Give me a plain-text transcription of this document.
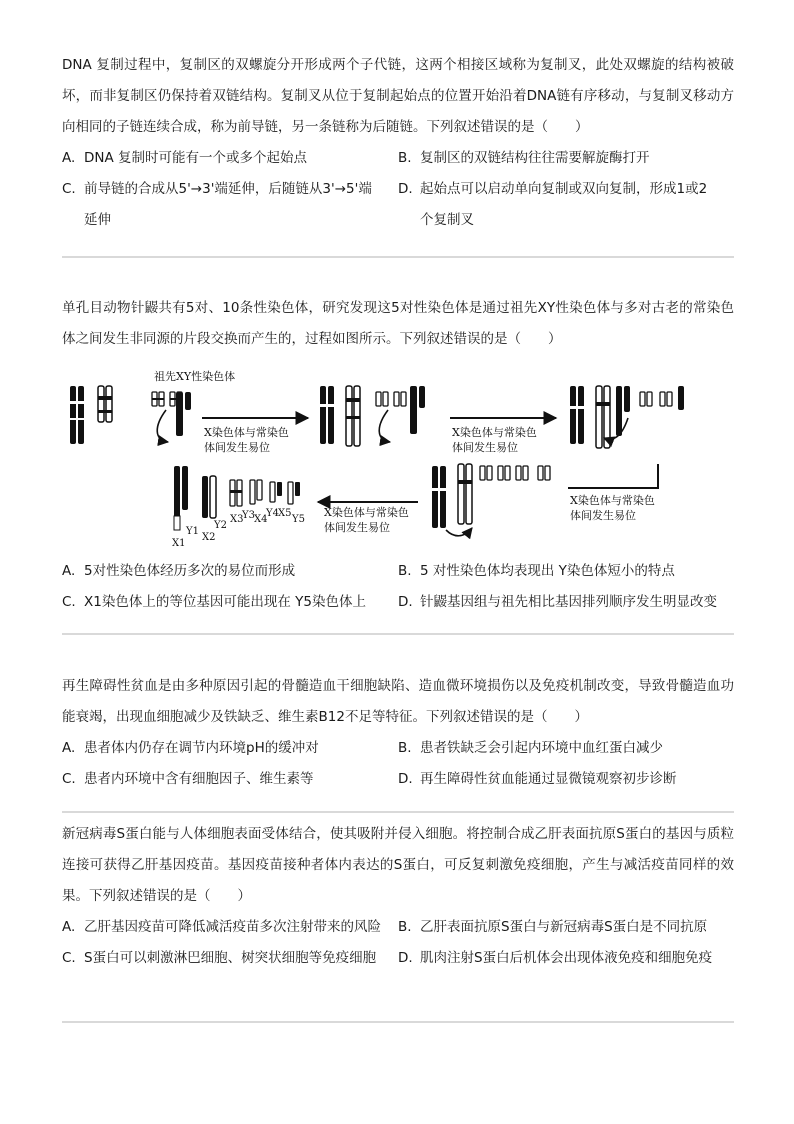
DNA 复制过程中，复制区的双螺旋分开形成两个子代链，这两个相接区域称为复制叉，此处双螺旋的结构被破坏，而非复制区仍保持着双链结构。复制叉从位于复制起始点的位置开始沿着DNA链有序移动，与复制叉移动方向相同的子链连续合成，称为前导链，另一条链称为后随链。下列叙述错误的是（　　）

A. DNA 复制时可能有一个或多个起始点	B. 复制区的双链结构往往需要解旋酶打开
C. 前导链的合成从5'→3'端延伸，后随链从3'→5'端延伸
D. 起始点可以启动单向复制或双向复制，形成1或2个复制叉

单孔目动物针鼹共有5对、10条性染色体，研究发现这5对性染色体是通过祖先XY性染色体与多对古老的常染色体之间发生非同源的片段交换而产生的，过程如图所示。下列叙述错误的是（　　）

祖先XY性染色体
X染色体与常染色
体间发生易位
X染色体与常染色
体间发生易位
X染色体与常染色
体间发生易位
X染色体与常染色
体间发生易位
X1
Y1
Y2
X2
X3
Y3 X4
Y4 X5
Y5
A. 5对性染色体经历多次的易位而形成	B. 5 对性染色体均表现出 Y染色体短小的特点
C. X1染色体上的等位基因可能出现在 Y5染色体上	D. 针鼹基因组与祖先相比基因排列顺序发生明显改变

再生障碍性贫血是由多种原因引起的骨髓造血干细胞缺陷、造血微环境损伤以及免疫机制改变，导致骨髓造血功能衰竭，出现血细胞减少及铁缺乏、维生素B12不足等特征。下列叙述错误的是（　　）

A. 患者体内仍存在调节内环境pH的缓冲对	B. 患者铁缺乏会引起内环境中血红蛋白减少
C. 患者内环境中含有细胞因子、维生素等	D. 再生障碍性贫血能通过显微镜观察初步诊断

新冠病毒S蛋白能与人体细胞表面受体结合，使其吸附并侵入细胞。将控制合成乙肝表面抗原S蛋白的基因与质粒连接可获得乙肝基因疫苗。基因疫苗接种者体内表达的S蛋白，可反复刺激免疫细胞，产生与减活疫苗同样的效果。下列叙述错误的是（　　）

A. 乙肝基因疫苗可降低减活疫苗多次注射带来的风险	B. 乙肝表面抗原S蛋白与新冠病毒S蛋白是不同抗原
C. S蛋白可以刺激淋巴细胞、树突状细胞等免疫细胞	D. 肌肉注射S蛋白后机体会出现体液免疫和细胞免疫
